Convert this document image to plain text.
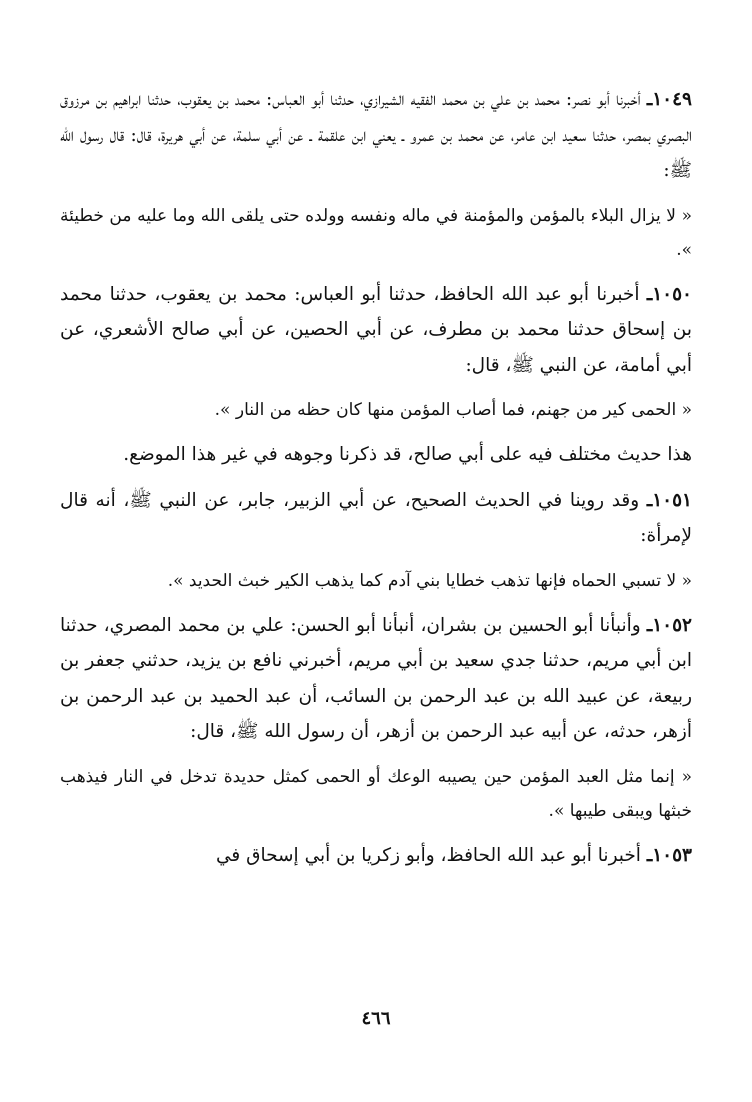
١٠٤٩ـ أخبرنا أبو نصر: محمد بن علي بن محمد الفقيه الشيرازي، حدثنا أبو العباس: محمد بن يعقوب، حدثنا ابراهيم بن مرزوق البصري بمصر، حدثنا سعيد ابن عامر، عن محمد بن عمرو ـ يعني ابن علقمة ـ عن أبي سلمة، عن أبي هريرة، قال: قال رسول الله ﷺ:

« لا يزال البلاء بالمؤمن والمؤمنة في ماله ونفسه وولده حتى يلقى الله وما عليه من خطيئة ».

١٠٥٠ـ أخبرنا أبو عبد الله الحافظ، حدثنا أبو العباس: محمد بن يعقوب، حدثنا محمد بن إسحاق حدثنا محمد بن مطرف، عن أبي الحصين، عن أبي صالح الأشعري، عن أبي أمامة، عن النبي ﷺ، قال:

« الحمى كير من جهنم، فما أصاب المؤمن منها كان حظه من النار ».

هذا حديث مختلف فيه على أبي صالح، قد ذكرنا وجوهه في غير هذا الموضع.

١٠٥١ـ وقد روينا في الحديث الصحيح، عن أبي الزبير، جابر، عن النبي ﷺ، أنه قال لإمرأة:

« لا تسبي الحماه فإنها تذهب خطايا بني آدم كما يذهب الكير خبث الحديد ».

١٠٥٢ـ وأنبأنا أبو الحسين بن بشران، أنبأنا أبو الحسن: علي بن محمد المصري، حدثنا ابن أبي مريم، حدثنا جدي سعيد بن أبي مريم، أخبرني نافع بن يزيد، حدثني جعفر بن ربيعة، عن عبيد الله بن عبد الرحمن بن السائب، أن عبد الحميد بن عبد الرحمن بن أزهر، حدثه، عن أبيه عبد الرحمن بن أزهر، أن رسول الله ﷺ، قال:

« إنما مثل العبد المؤمن حين يصيبه الوعك أو الحمى كمثل حديدة تدخل في النار فيذهب خبثها ويبقى طيبها ».

١٠٥٣ـ أخبرنا أبو عبد الله الحافظ، وأبو زكريا بن أبي إسحاق في

٤٦٦
